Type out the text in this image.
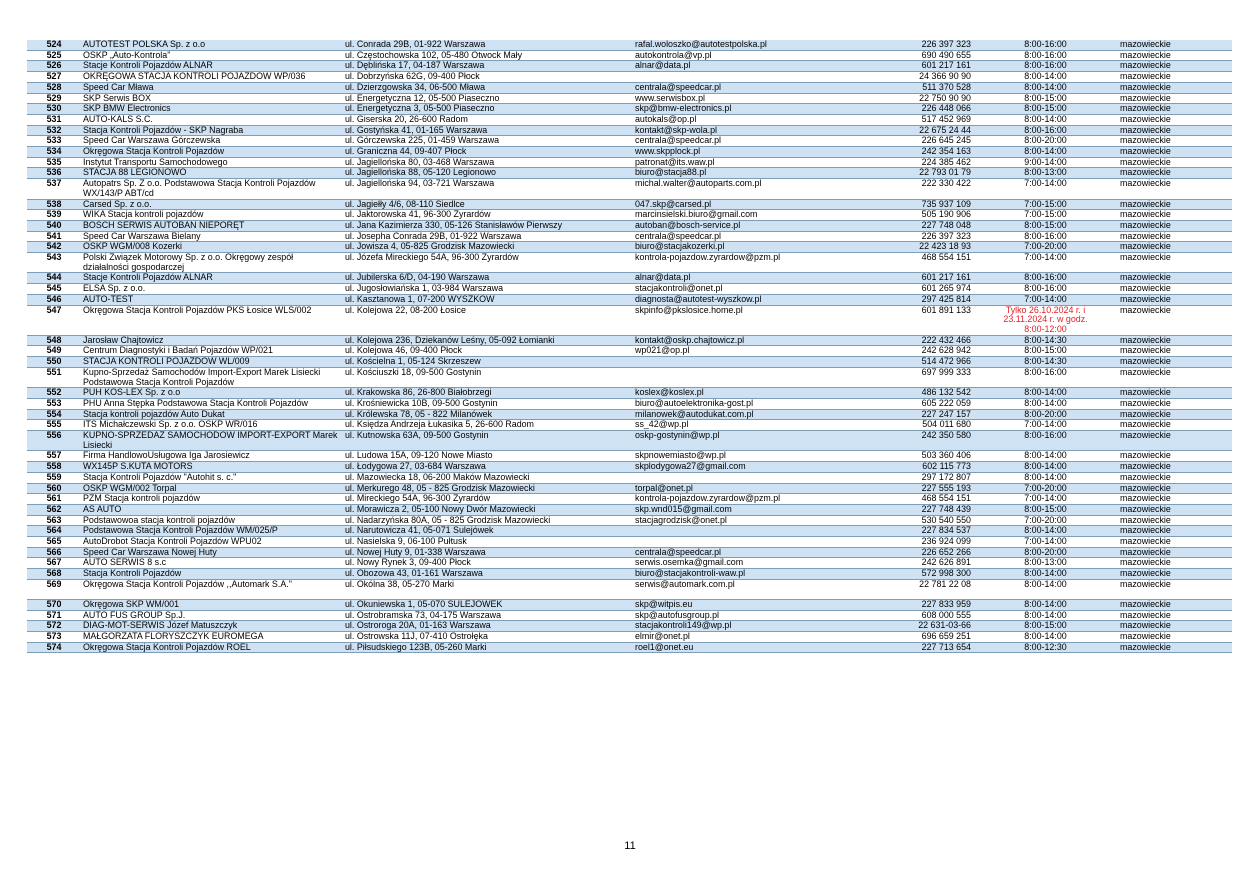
524	AUTOTEST POLSKA Sp. z o.o	ul. Conrada 29B, 01-922 Warszawa	rafal.woloszko@autotestpolska.pl	226 397 323	8:00-16:00	mazowieckie
525	OSKP „Auto-Kontrola”	ul. Częstochowska 102, 05-480 Otwock Mały	autokontrola@vp.pl	690 490 655	8:00-16:00	mazowieckie
526	Stacje Kontroli Pojazdów ALNAR	ul. Dęblińska 17, 04-187 Warszawa	alnar@data.pl	601 217 161	8:00-16:00	mazowieckie
527	OKRĘGOWA STACJA KONTROLI POJAZDÓW WP/036	ul. Dobrzyńska 62G, 09-400 Płock		24 366 90 90	8:00-14:00	mazowieckie
528	Speed Car Mława	ul. Dzierzgowska 34, 06-500 Mława	centrala@speedcar.pl	511 370 528	8:00-14:00	mazowieckie
529	SKP Serwis BOX	ul. Energetyczna 12, 05-500 Piaseczno	www.serwisbox.pl	22 750 90 90	8:00-15:00	mazowieckie
530	SKP BMW Electronics	ul. Energetyczna 3, 05-500 Piaseczno	skp@bmw-electronics.pl	226 448 066	8:00-15:00	mazowieckie
531	AUTO-KALS S.C.	ul. Giserska 20, 26-600 Radom	autokals@op.pl	517 452 969	8:00-14:00	mazowieckie
532	Stacja Kontroli Pojazdów - SKP Nagraba	ul. Gostyńska 41, 01-165 Warszawa	kontakt@skp-wola.pl	22 675 24 44	8:00-16:00	mazowieckie
533	Speed Car Warszawa Górczewska	ul. Górczewska 225, 01-459 Warszawa	centrala@speedcar.pl	226 645 245	8:00-20:00	mazowieckie
534	Okręgowa Stacja Kontroli Pojazdów	ul. Graniczna 44, 09-407 Płock	www.skpplock.pl	242 354 163	8:00-14:00	mazowieckie
535	Instytut Transportu Samochodowego	ul. Jagiellońska 80, 03-468 Warszawa	patronat@its.waw.pl	224 385 462	9:00-14:00	mazowieckie
536	STACJA 88 LEGIONOWO	ul. Jagiellońska 88, 05-120 Legionowo	biuro@stacja88.pl	22 793 01 79	8:00-13:00	mazowieckie
537	Autopatrs Sp. Z o.o. Podstawowa Stacja Kontroli Pojazdów WX/143/P ABT/cd	ul. Jagiellońska 94, 03-721 Warszawa	michal.walter@autoparts.com.pl	222 330 422	7:00-14:00	mazowieckie
538	Carsed Sp. z o.o.	ul. Jagiełły 4/6, 08-110 Siedlce	047.skp@carsed.pl	735 937 109	7:00-15:00	mazowieckie
539	WIKA Stacja kontroli pojazdów	ul. Jaktorowska 41, 96-300 Żyrardów	marcinsielski.biuro@gmail.com	505 190 906	7:00-15:00	mazowieckie
540	BOSCH SERWIS AUTOBAN NIEPORĘT	ul. Jana Kazimierza 330, 05-126 Stanisławów Pierwszy	autoban@bosch-service.pl	227 748 048	8:00-15:00	mazowieckie
541	Speed Car Warszawa Bielany	ul. Josepha Conrada 29B, 01-922 Warszawa	centrala@speedcar.pl	226 397 323	8:00-16:00	mazowieckie
542	OSKP WGM/008 Kozerki	ul. Jowisza 4, 05-825 Grodzisk Mazowiecki	biuro@stacjakozerki.pl	22 423 18 93	7:00-20:00	mazowieckie
543	Polski Związek Motorowy Sp. z o.o. Okręgowy zespół działalności gospodarczej	ul. Józefa Mireckiego 54A, 96-300 Żyrardów	kontrola-pojazdow.zyrardow@pzm.pl	468 554 151	7:00-14:00	mazowieckie
544	Stacje Kontroli Pojazdów ALNAR	ul. Jubilerska 6/D, 04-190 Warszawa	alnar@data.pl	601 217 161	8:00-16:00	mazowieckie
545	ELSA Sp. z o.o.	ul. Jugosłowiańska 1, 03-984 Warszawa	stacjakontroli@onet.pl	601 265 974	8:00-16:00	mazowieckie
546	AUTO-TEST	ul. Kasztanowa 1, 07-200 WYSZKÓW	diagnosta@autotest-wyszkow.pl	297 425 814	7:00-14:00	mazowieckie
547	Okręgowa Stacja Kontroli Pojazdów PKS Łosice WLS/002	ul. Kolejowa 22, 08-200 Łosice	skpinfo@pkslosice.home.pl	601 891 133	Tylko 26.10.2024 r. i 23.11.2024 r. w godz. 8:00-12:00	mazowieckie
548	Jarosław Chajtowicz	ul. Kolejowa 236, Dziekanów Leśny, 05-092 Łomianki	kontakt@oskp.chajtowicz.pl	222 432 466	8:00-14:30	mazowieckie
549	Centrum Diagnostyki i Badań Pojazdów WP/021	ul. Kolejowa 46, 09-400 Płock	wp021@op.pl	242 628 942	8:00-15:00	mazowieckie
550	STACJA KONTROLI POJAZDÓW WL/009	ul. Kościelna 1, 05-124 Skrzeszew		514 472 966	8:00-14:30	mazowieckie
551	Kupno-Sprzedaż Samochodów Import-Export Marek Lisiecki Podstawowa Stacja Kontroli Pojazdów	ul. Kościuszki 18, 09-500 Gostynin		697 999 333	8:00-16:00	mazowieckie
552	PUH KOS-LEX Sp. z o.o	ul. Krakowska 86, 26-800 Białobrzegi	koslex@koslex.pl	486 132 542	8:00-14:00	mazowieckie
553	PHU Anna Stępka Podstawowa Stacja Kontroli Pojazdów	ul. Krośniewicka 10B, 09-500 Gostynin	biuro@autoelektronika-gost.pl	605 222 059	8:00-14:00	mazowieckie
554	Stacja kontroli pojazdów Auto Dukat	ul. Królewska 78, 05 - 822 Milanówek	milanowek@autodukat.com.pl	227 247 157	8:00-20:00	mazowieckie
555	ITS Michałczewski Sp. z o.o. OSKP WR/016	ul. Księdza Andrzeja Łukasika 5, 26-600 Radom	ss_42@wp.pl	504 011 680	7:00-14:00	mazowieckie
556	KUPNO-SPRZEDAŻ SAMOCHODÓW IMPORT-EXPORT Marek Lisiecki	ul. Kutnowska 63A, 09-500 Gostynin	oskp-gostynin@wp.pl	242 350 580	8:00-16:00	mazowieckie
557	Firma HandlowoUsługowa Iga Jarosiewicz	ul. Ludowa 15A, 09-120 Nowe Miasto	skpnowemiasto@wp.pl	503 360 406	8:00-14:00	mazowieckie
558	WX145P S.KUTA MOTORS	ul. Łodygowa 27, 03-684 Warszawa	skplodygowa27@gmail.com	602 115 773	8:00-14:00	mazowieckie
559	Stacja Kontroli Pojazdów "Autohit s. c."	ul. Mazowiecka 18, 06-200 Maków Mazowiecki		297 172 807	8:00-14:00	mazowieckie
560	OSKP WGM/002 Torpal	ul. Merkurego 48, 05 - 825 Grodzisk Mazowiecki	torpal@onet.pl	227 555 193	7:00-20:00	mazowieckie
561	PZM Stacja kontroli pojazdów	ul. Mireckiego 54A, 96-300 Żyrardów	kontrola-pojazdow.zyrardow@pzm.pl	468 554 151	7:00-14:00	mazowieckie
562	AS AUTO	ul. Morawicza 2, 05-100 Nowy Dwór Mazowiecki	skp.wnd015@gmail.com	227 748 439	8:00-15:00	mazowieckie
563	Podstawowoa stacja kontroli pojazdów	ul. Nadarzyńska 80A, 05 - 825 Grodzisk Mazowiecki	stacjagrodzisk@onet.pl	530 540 550	7:00-20:00	mazowieckie
564	Podstawowa Stacja Kontroli Pojazdów WM/025/P	ul. Narutowicza 41, 05-071 Sulejówek		227 834 537	8:00-14:00	mazowieckie
565	AutoDrobot Stacja Kontroli Pojazdów WPU02	ul. Nasielska 9, 06-100 Pułtusk		236 924 099	7:00-14:00	mazowieckie
566	Speed Car Warszawa Nowej Huty	ul. Nowej Huty 9, 01-338 Warszawa	centrala@speedcar.pl	226 652 266	8:00-20:00	mazowieckie
567	AUTO SERWIS 8 s.c	ul. Nowy Rynek 3, 09-400 Płock	serwis.osemka@gmail.com	242 626 891	8:00-13:00	mazowieckie
568	Stacja Kontroli Pojazdów	ul. Obozowa 43, 01-161 Warszawa	biuro@stacjakontroli-waw.pl	572 998 300	8:00-14:00	mazowieckie
569	Okręgowa Stacja Kontroli Pojazdów ,,Automark S.A."	ul. Okólna 38, 05-270 Marki	serwis@automark.com.pl	22 781 22 08	8:00-14:00	mazowieckie
570	Okręgowa SKP WM/001	ul. Okuniewska 1, 05-070 SULEJÓWEK	skp@witpis.eu	227 833 959	8:00-14:00	mazowieckie
571	AUTO FUS GROUP Sp.J.	ul. Ostrobramska 73, 04-175 Warszawa	skp@autofusgroup.pl	608 000 555	8:00-14:00	mazowieckie
572	DIAG-MOT-SERWIS Józef Matuszczyk	ul. Ostroroga 20A, 01-163 Warszawa	stacjakontroli149@wp.pl	22 631-03-66	8:00-15:00	mazowieckie
573	MAŁGORZATA FLORYSZCZYK EUROMEGA	ul. Ostrowska 11J, 07-410 Ostrołęka	elmir@onet.pl	696 659 251	8:00-14:00	mazowieckie
574	Okręgowa Stacja Kontroli Pojazdów ROEL	ul. Piłsudskiego 123B, 05-260 Marki	roel1@onet.eu	227 713 654	8:00-12:30	mazowieckie
11
